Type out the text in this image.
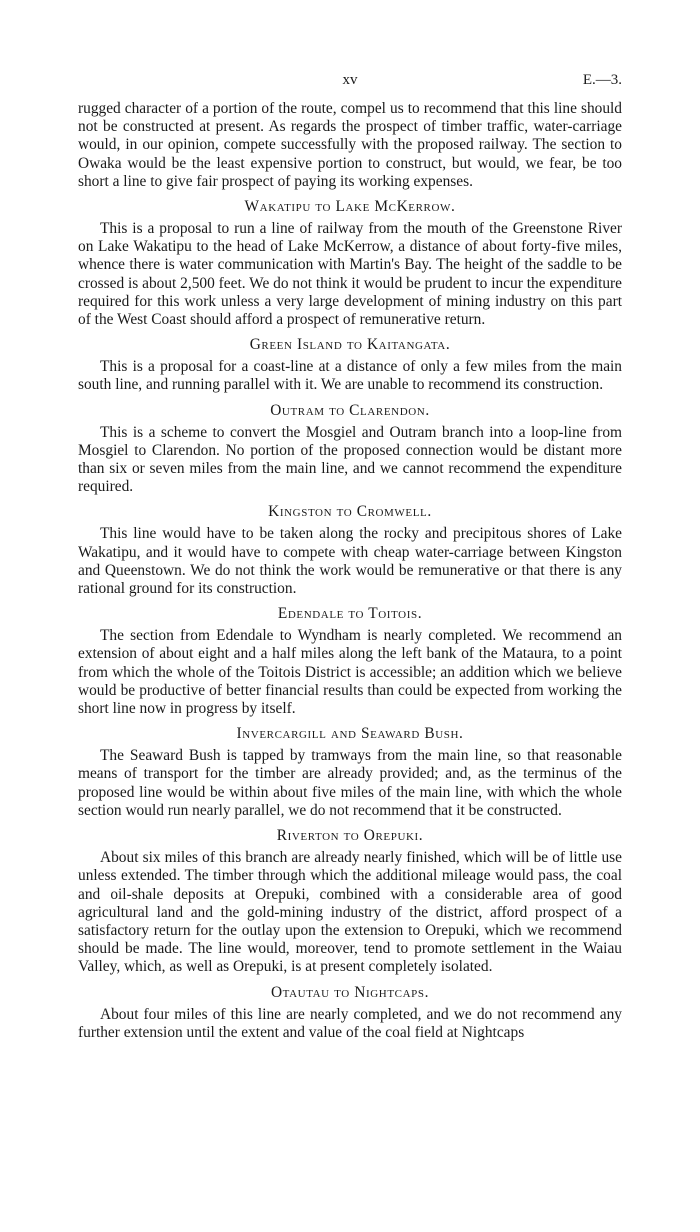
xv	E.—3.

rugged character of a portion of the route, compel us to recommend that this line should not be constructed at present. As regards the prospect of timber traffic, water-carriage would, in our opinion, compete successfully with the proposed railway. The section to Owaka would be the least expensive portion to construct, but would, we fear, be too short a line to give fair prospect of paying its working expenses.

Wakatipu to Lake McKerrow.

This is a proposal to run a line of railway from the mouth of the Greenstone River on Lake Wakatipu to the head of Lake McKerrow, a distance of about forty-five miles, whence there is water communication with Martin's Bay. The height of the saddle to be crossed is about 2,500 feet. We do not think it would be prudent to incur the expenditure required for this work unless a very large development of mining industry on this part of the West Coast should afford a prospect of remunerative return.

Green Island to Kaitangata.

This is a proposal for a coast-line at a distance of only a few miles from the main south line, and running parallel with it. We are unable to recommend its construction.

Outram to Clarendon.

This is a scheme to convert the Mosgiel and Outram branch into a loop-line from Mosgiel to Clarendon. No portion of the proposed connection would be distant more than six or seven miles from the main line, and we cannot recommend the expenditure required.

Kingston to Cromwell.

This line would have to be taken along the rocky and precipitous shores of Lake Wakatipu, and it would have to compete with cheap water-carriage between Kingston and Queenstown. We do not think the work would be remunerative or that there is any rational ground for its construction.

Edendale to Toitois.

The section from Edendale to Wyndham is nearly completed. We recommend an extension of about eight and a half miles along the left bank of the Mataura, to a point from which the whole of the Toitois District is accessible; an addition which we believe would be productive of better financial results than could be expected from working the short line now in progress by itself.

Invercargill and Seaward Bush.

The Seaward Bush is tapped by tramways from the main line, so that reasonable means of transport for the timber are already provided; and, as the terminus of the proposed line would be within about five miles of the main line, with which the whole section would run nearly parallel, we do not recommend that it be constructed.

Riverton to Orepuki.

About six miles of this branch are already nearly finished, which will be of little use unless extended. The timber through which the additional mileage would pass, the coal and oil-shale deposits at Orepuki, combined with a considerable area of good agricultural land and the gold-mining industry of the district, afford prospect of a satisfactory return for the outlay upon the extension to Orepuki, which we recommend should be made. The line would, moreover, tend to promote settlement in the Waiau Valley, which, as well as Orepuki, is at present completely isolated.

Otautau to Nightcaps.

About four miles of this line are nearly completed, and we do not recommend any further extension until the extent and value of the coal field at Nightcaps
